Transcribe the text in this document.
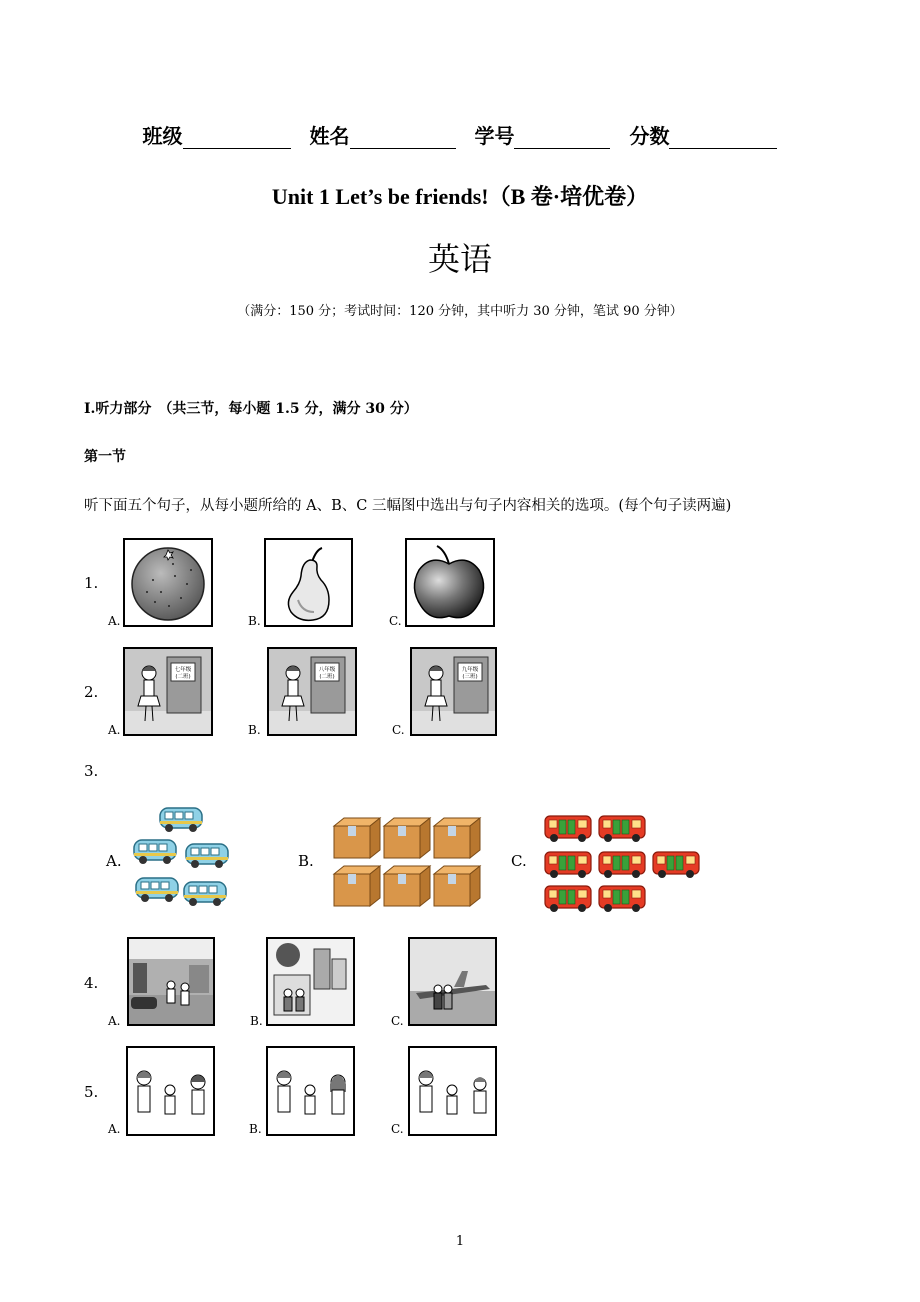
班级	姓名	学号	分数
Unit 1 Let’s be friends!（B 卷·培优卷）
英语
（满分：150 分；考试时间：120 分钟，其中听力 30 分钟，笔试 90 分钟）
I.听力部分　（共三节，每小题 1.5 分，满分 30 分）
第一节
听下面五个句子，从每小题所给的 A、B、C 三幅图中选出与句子内容相关的选项。(每个句子读两遍)
1.
A.	B.	C.
2.
A.
七年级
(二班)
B.
八年级
(二班)
C.
九年级
(三班)
3.
A.	B.	C.
4.
A.	B.	C.
5.
A.	B.	C.
1
